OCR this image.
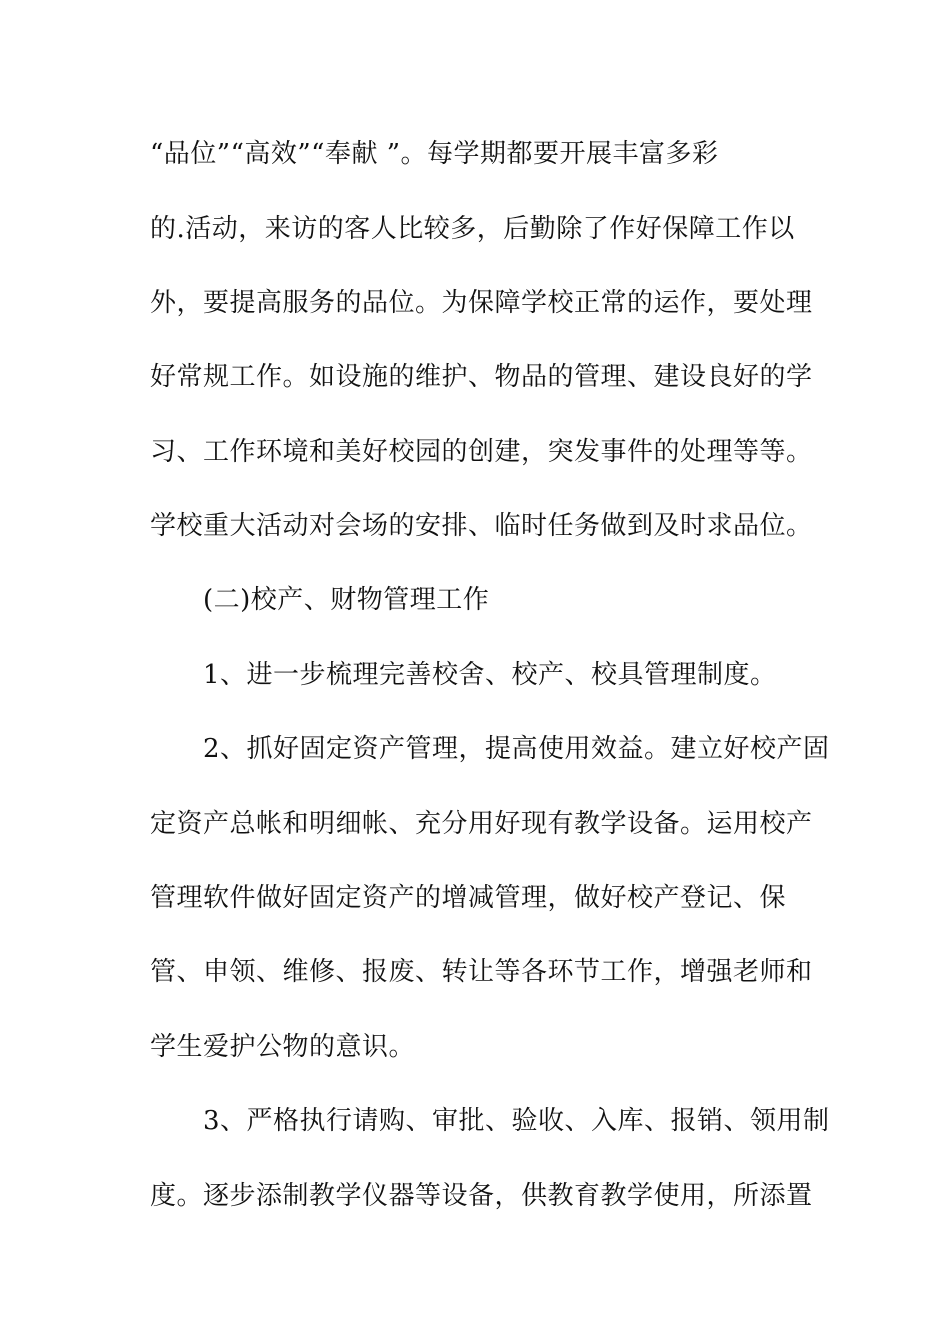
“品位”“高效”“奉献 ”。每学期都要开展丰富多彩
的.活动，来访的客人比较多，后勤除了作好保障工作以
外，要提高服务的品位。为保障学校正常的运作，要处理
好常规工作。如设施的维护、物品的管理、建设良好的学
习、工作环境和美好校园的创建，突发事件的处理等等。
学校重大活动对会场的安排、临时任务做到及时求品位。
(二)校产、财物管理工作
1、进一步梳理完善校舍、校产、校具管理制度。
2、抓好固定资产管理，提高使用效益。建立好校产固
定资产总帐和明细帐、充分用好现有教学设备。运用校产
管理软件做好固定资产的增减管理，做好校产登记、保
管、申领、维修、报废、转让等各环节工作，增强老师和
学生爱护公物的意识。
3、严格执行请购、审批、验收、入库、报销、领用制
度。逐步添制教学仪器等设备，供教育教学使用，所添置
